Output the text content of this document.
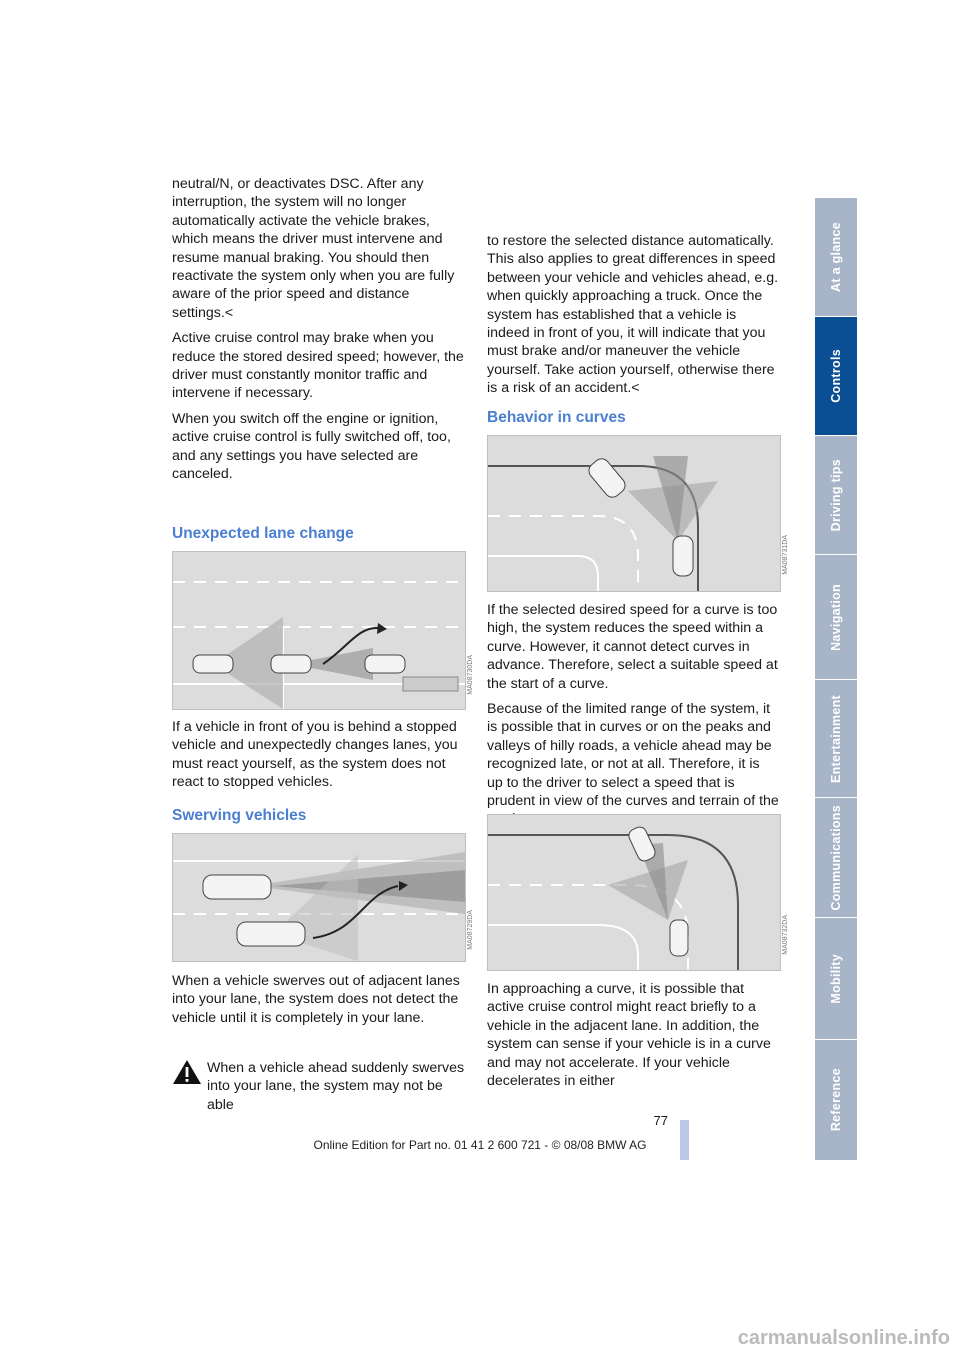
neutral/N, or deactivates DSC. After any interruption, the system will no longer automatically activate the vehicle brakes, which means the driver must intervene and resume manual braking. You should then reactivate the system only when you are fully aware of the prior speed and distance settings.<

Active cruise control may brake when you reduce the stored desired speed; however, the driver must constantly monitor traffic and intervene if necessary.

When you switch off the engine or ignition, active cruise control is fully switched off, too, and any settings you have selected are canceled.

Unexpected lane change
MA08730DA

If a vehicle in front of you is behind a stopped vehicle and unexpectedly changes lanes, you must react yourself, as the system does not react to stopped vehicles.

Swerving vehicles
MA08729DA

When a vehicle swerves out of adjacent lanes into your lane, the system does not detect the vehicle until it is completely in your lane.

When a vehicle ahead suddenly swerves into your lane, the system may not be able

to restore the selected distance automatically. This also applies to great differences in speed between your vehicle and vehicles ahead, e.g. when quickly approaching a truck. Once the system has established that a vehicle is indeed in front of you, it will indicate that you must brake and/or maneuver the vehicle yourself. Take action yourself, otherwise there is a risk of an accident.<

Behavior in curves
MA08731DA

If the selected desired speed for a curve is too high, the system reduces the speed within a curve. However, it cannot detect curves in advance. Therefore, select a suitable speed at the start of a curve.

Because of the limited range of the system, it is possible that in curves or on the peaks and valleys of hilly roads, a vehicle ahead may be recognized late, or not at all. Therefore, it is up to the driver to select a speed that is prudent in view of the curves and terrain of the

MA08732DA

In approaching a curve, it is possible that active cruise control might react briefly to a vehicle in the adjacent lane. In addition, the system can sense if your vehicle is in a curve and may not accelerate. If your vehicle decelerates in either

At a glance
Controls
Driving tips
Navigation
Entertainment
Communications
Mobility
Reference
77
Online Edition for Part no. 01 41 2 600 721 - © 08/08 BMW AG
carmanualsonline.info
